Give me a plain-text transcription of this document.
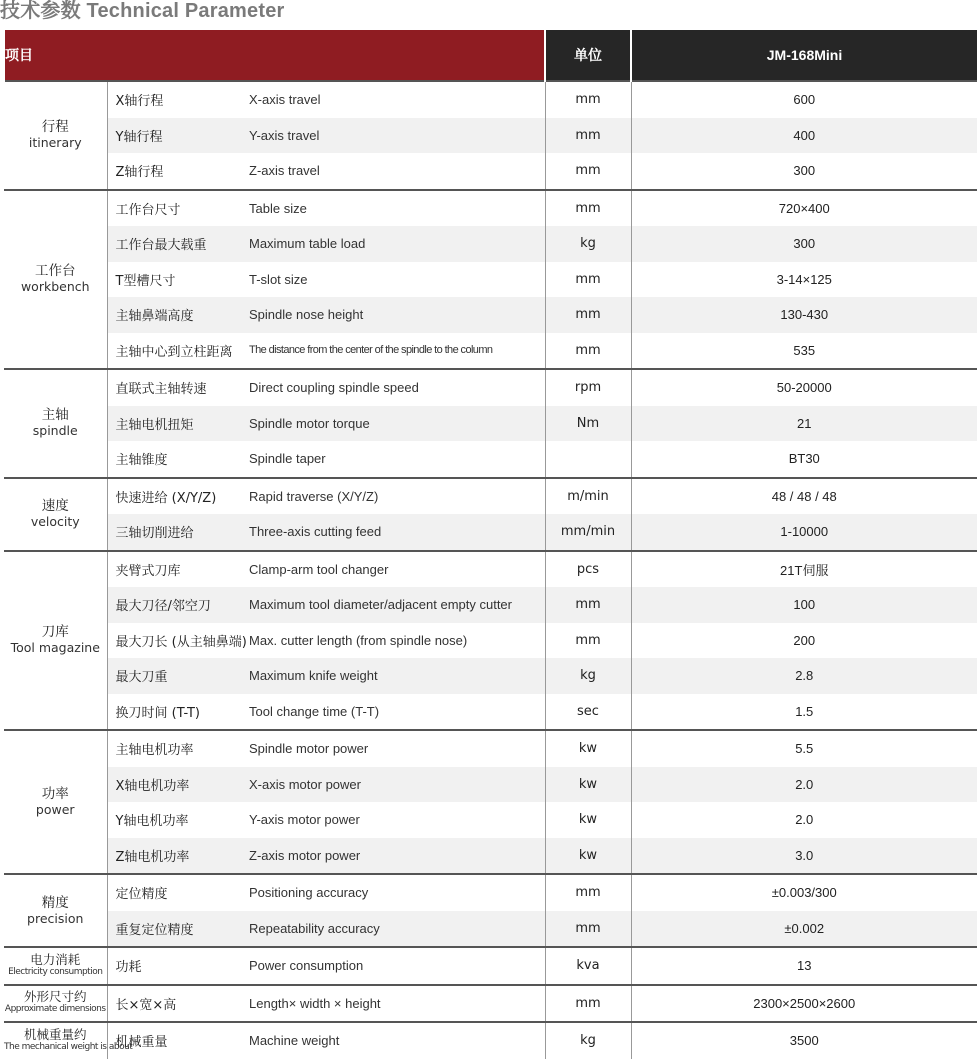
技术参数 Technical Parameter
项目			单位	JM-168Mini

行程
itinerary	X轴行程	X-axis travel	mm	600
	Y轴行程	Y-axis travel	mm	400
	Z轴行程	Z-axis travel	mm	300

工作台
workbench	工作台尺寸	Table size	mm	720×400
	工作台最大载重	Maximum table load	kg	300
	T型槽尺寸	T-slot size	mm	3-14×125
	主轴鼻端高度	Spindle nose height	mm	130-430
	主轴中心到立柱距离	The distance from the center of the spindle to the column	mm	535

主轴
spindle	直联式主轴转速	Direct coupling spindle speed	rpm	50-20000
	主轴电机扭矩	Spindle motor torque	Nm	21
	主轴锥度	Spindle taper		BT30

速度
velocity	快速进给 (X/Y/Z)	Rapid traverse (X/Y/Z)	m/min	48 / 48 / 48
	三轴切削进给	Three-axis cutting feed	mm/min	1-10000

刀库
Tool magazine	夹臂式刀库	Clamp-arm tool changer	pcs	21T伺服
	最大刀径/邻空刀	Maximum tool diameter/adjacent empty cutter	mm	100
	最大刀长 (从主轴鼻端)	Max. cutter length (from spindle nose)	mm	200
	最大刀重	Maximum knife weight	kg	2.8
	换刀时间 (T-T)	Tool change time (T-T)	sec	1.5

功率
power	主轴电机功率	Spindle motor power	kw	5.5
	X轴电机功率	X-axis motor power	kw	2.0
	Y轴电机功率	Y-axis motor power	kw	2.0
	Z轴电机功率	Z-axis motor power	kw	3.0

精度
precision	定位精度	Positioning accuracy	mm	±0.003/300
	重复定位精度	Repeatability accuracy	mm	±0.002

电力消耗
Electricity consumption	功耗	Power consumption	kva	13

外形尺寸约
Approximate dimensions	长×宽×高	Length× width × height	mm	2300×2500×2600

机械重量约
The mechanical weight is about	机械重量	Machine weight	kg	3500
